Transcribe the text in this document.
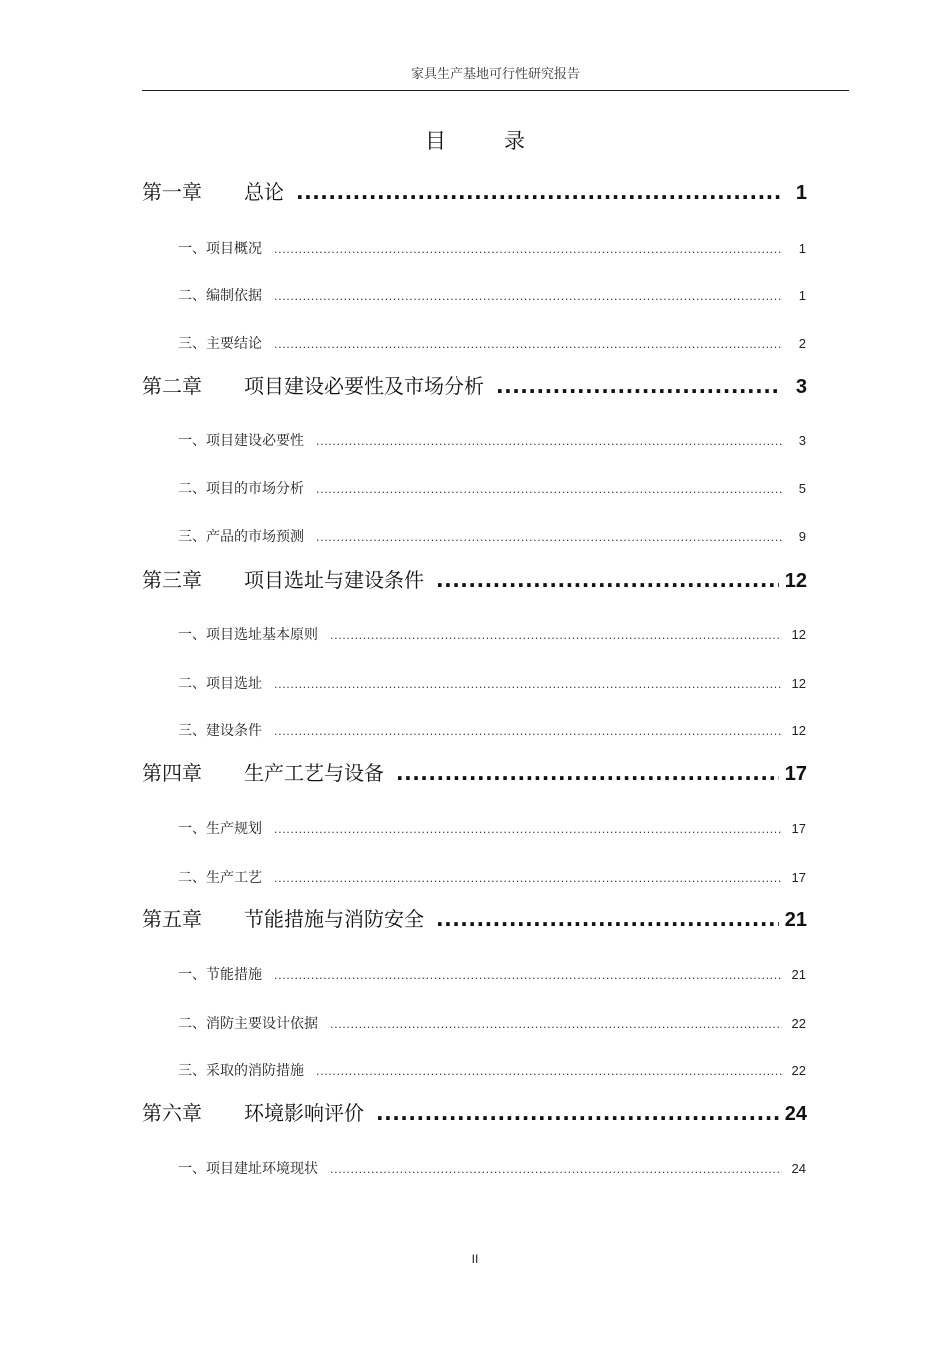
家具生产基地可行性研究报告
目录
第一章	总论 .....	1
一、项目概况 .....	1
二、编制依据 .....	1
三、主要结论 .....	2
第二章	项目建设必要性及市场分析 .....	3
一、项目建设必要性 .....	3
二、项目的市场分析 .....	5
三、产品的市场预测 .....	9
第三章	项目选址与建设条件 .....	12
一、项目选址基本原则 .....	12
二、项目选址 .....	12
三、建设条件 .....	12
第四章	生产工艺与设备 .....	17
一、生产规划 .....	17
二、生产工艺 .....	17
第五章	节能措施与消防安全 .....	21
一、节能措施 .....	21
二、消防主要设计依据 .....	22
三、采取的消防措施 .....	22
第六章	环境影响评价 .....	24
一、项目建址环境现状 .....	24
II
